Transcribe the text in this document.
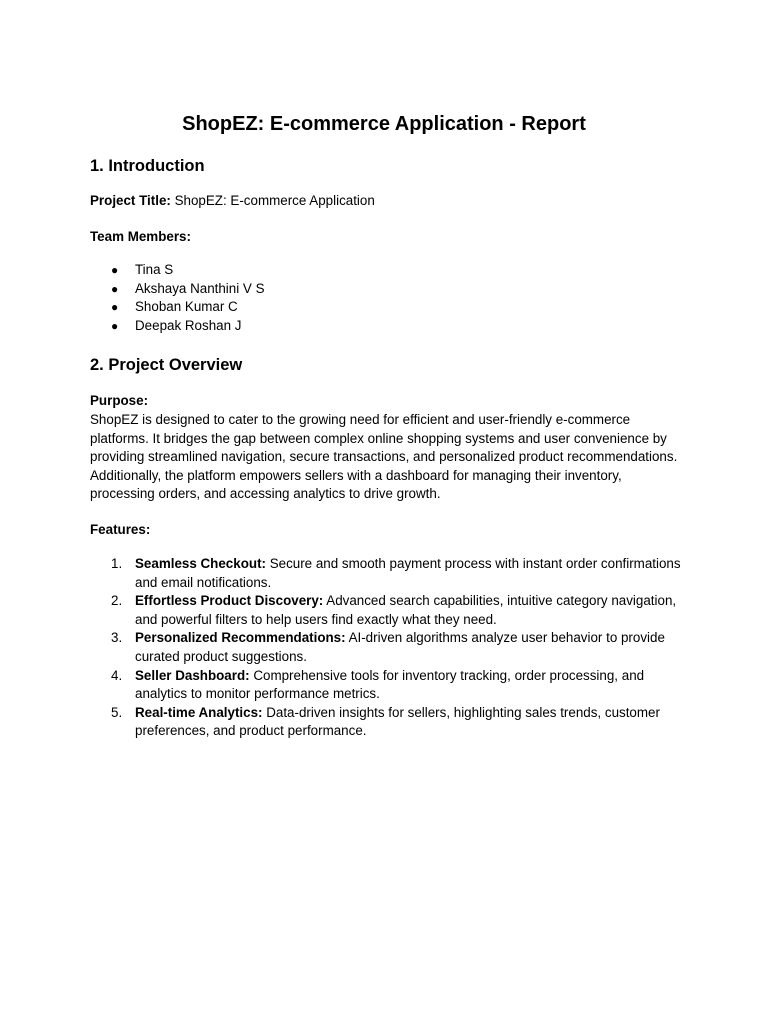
ShopEZ: E-commerce Application - Report
1. Introduction

Project Title: ShopEZ: E-commerce Application

Team Members:

● Tina S
● Akshaya Nanthini V S
● Shoban Kumar C
● Deepak Roshan J
2. Project Overview

Purpose:

ShopEZ is designed to cater to the growing need for efficient and user-friendly e-commerce platforms. It bridges the gap between complex online shopping systems and user convenience by providing streamlined navigation, secure transactions, and personalized product recommendations. Additionally, the platform empowers sellers with a dashboard for managing their inventory, processing orders, and accessing analytics to drive growth.

Features:

1. Seamless Checkout: Secure and smooth payment process with instant order confirmations and email notifications.
2. Effortless Product Discovery: Advanced search capabilities, intuitive category navigation, and powerful filters to help users find exactly what they need.
3. Personalized Recommendations: AI-driven algorithms analyze user behavior to provide curated product suggestions.
4. Seller Dashboard: Comprehensive tools for inventory tracking, order processing, and analytics to monitor performance metrics.
5. Real-time Analytics: Data-driven insights for sellers, highlighting sales trends, customer preferences, and product performance.
